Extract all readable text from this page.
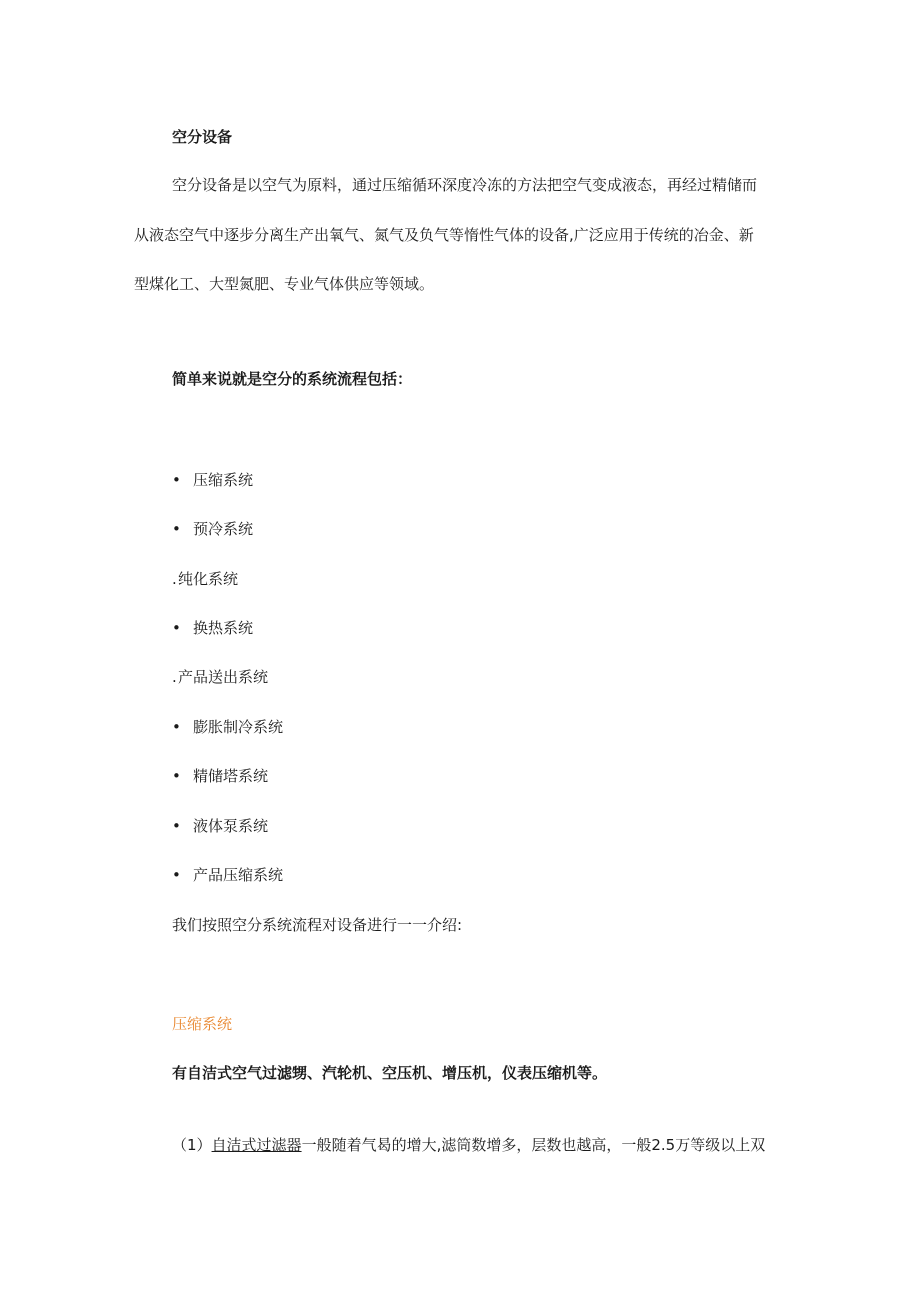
空分设备

空分设备是以空气为原料，通过压缩循环深度冷冻的方法把空气变成液态，再经过精储而

从液态空气中逐步分离生产出氧气、氮气及负气等惰性气体的设备,广泛应用于传统的冶金、新

型煤化工、大型氮肥、专业气体供应等领域。

简单来说就是空分的系统流程包括：

• 压缩系统
• 预冷系统
. 纯化系统
• 换热系统
. 产品送出系统
• 膨胀制冷系统
• 精储塔系统
• 液体泵系统
• 产品压缩系统

我们按照空分系统流程对设备进行一一介绍:

压缩系统

有自洁式空气过滤甥、汽轮机、空压机、增压机，仪表压缩机等。

（1）自洁式过滤器一般随着气曷的增大,滤筒数增多，层数也越高，一般2.5万等级以上双
